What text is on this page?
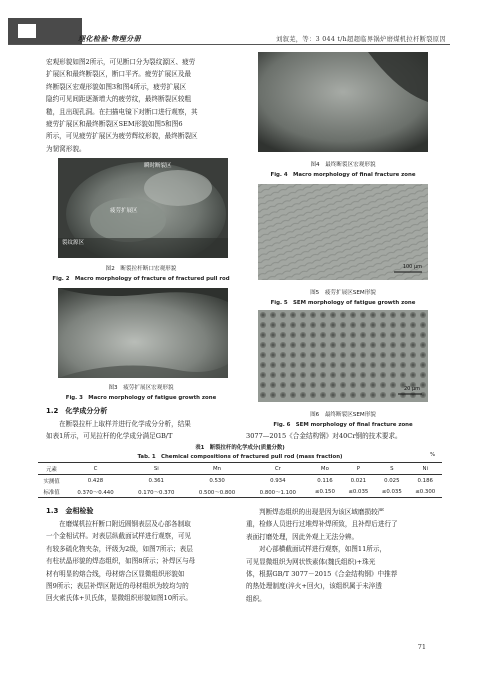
理化检验·物理分册	刘叙芜，等：3 044 t/h超超临界锅炉磨煤机拉杆断裂原因
宏观形貌如图2所示，可见断口分为裂纹源区、疲劳
扩展区和最终断裂区，断口平齐。疲劳扩展区及最
终断裂区宏观形貌如图3和图4所示，疲劳扩展区
隐约可见间距逐渐增大的疲劳纹，最终断裂区较粗
糙，且出现孔洞。在扫描电镜下对断口进行观察，其
疲劳扩展区和最终断裂区SEM形貌如图5和图6
所示，可见疲劳扩展区为疲劳辉纹形貌，最终断裂区
为韧窝形貌。
瞬时断裂区
疲劳扩展区
裂纹源区
图2　断裂拉杆断口宏观形貌
Fig. 2　Macro morphology of fracture of fractured pull rod
图3　疲劳扩展区宏观形貌
Fig. 3　Macro morphology of fatigue growth zone
1.2　化学成分分析
在断裂拉杆上取样并进行化学成分分析，结果
如表1所示，可见拉杆的化学成分满足GB/T
图4　最终断裂区宏观形貌
Fig. 4　Macro morphology of final fracture zone
100 μm
图5　疲劳扩展区SEM形貌
Fig. 5　SEM morphology of fatigue growth zone
20 μm
图6　最终断裂区SEM形貌
Fig. 6　SEM morphology of final fracture zone
3077—2015《合金结构钢》对40Cr钢的技术要求。
表1　断裂拉杆的化学成分(质量分数)
Tab. 1　Chemical compositions of fractured pull rod (mass fraction)	%
元素	C	Si	Mn	Cr	Mo	P	S	Ni
实测值	0.428	0.361	0.530	0.934	0.116	0.021	0.025	0.186
标准值	0.370～0.440	0.170～0.370	0.500～0.800	0.800～1.100	≤0.150	≤0.035	≤0.035	≤0.300
1.3　金相检验
在磨煤机拉杆断口附近圆钢表层及心部各制取
一个金相试样。对表层纵截面试样进行观察，可见
有较多硫化物夹杂，评级为2级，如图7所示；表层
有柱状晶形貌的焊态组织，如图8所示；补焊区与母
材有明显的熔合线，母材熔合区显微组织形貌如
图9所示；表层补焊区附近的母材组织为较均匀的
回火索氏体+贝氏体，显微组织形貌如图10所示。
判断焊态组织的出现是因为该区域磨损较严
重，检修人员进行过堆焊补焊所致，且补焊后进行了
表面打磨处理，因此外观上无法分辨。
对心部横截面试样进行观察，如图11所示，
可见显微组织为网状铁素体(魏氏组织)+珠光
体，根据GB/T 3077－2015《合金结构钢》中推荐
的热处理制度(淬火+回火)，该组织属于未淬透
组织。
71
